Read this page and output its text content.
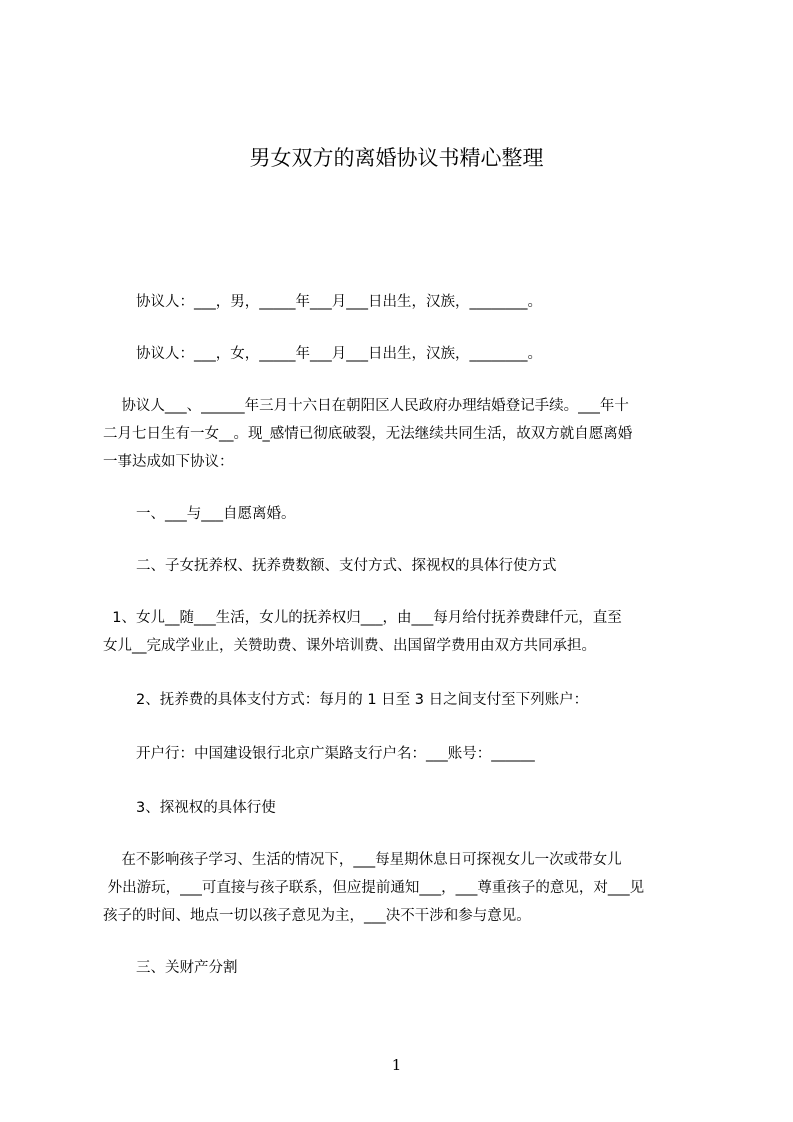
男女双方的离婚协议书精心整理

协议人：___，男，_____年___月___日出生，汉族，________。

协议人：___，女，_____年___月___日出生，汉族，________。

协议人___、______年三月十六日在朝阳区人民政府办理结婚登记手续。___年十
二月七日生有一女__。现_感情已彻底破裂，无法继续共同生活，故双方就自愿离婚
一事达成如下协议：

一、___与___自愿离婚。

二、子女抚养权、抚养费数额、支付方式、探视权的具体行使方式

1、女儿__随___生活，女儿的抚养权归___，由___每月给付抚养费肆仟元，直至
女儿__完成学业止，关赞助费、课外培训费、出国留学费用由双方共同承担。

2、抚养费的具体支付方式：每月的 1 日至 3 日之间支付至下列账户：

开户行：中国建设银行北京广渠路支行户名：___账号：______

3、探视权的具体行使

在不影响孩子学习、生活的情况下，___每星期休息日可探视女儿一次或带女儿
外出游玩，___可直接与孩子联系，但应提前通知___，___尊重孩子的意见，对___见
孩子的时间、地点一切以孩子意见为主，___决不干涉和参与意见。

三、关财产分割

1
